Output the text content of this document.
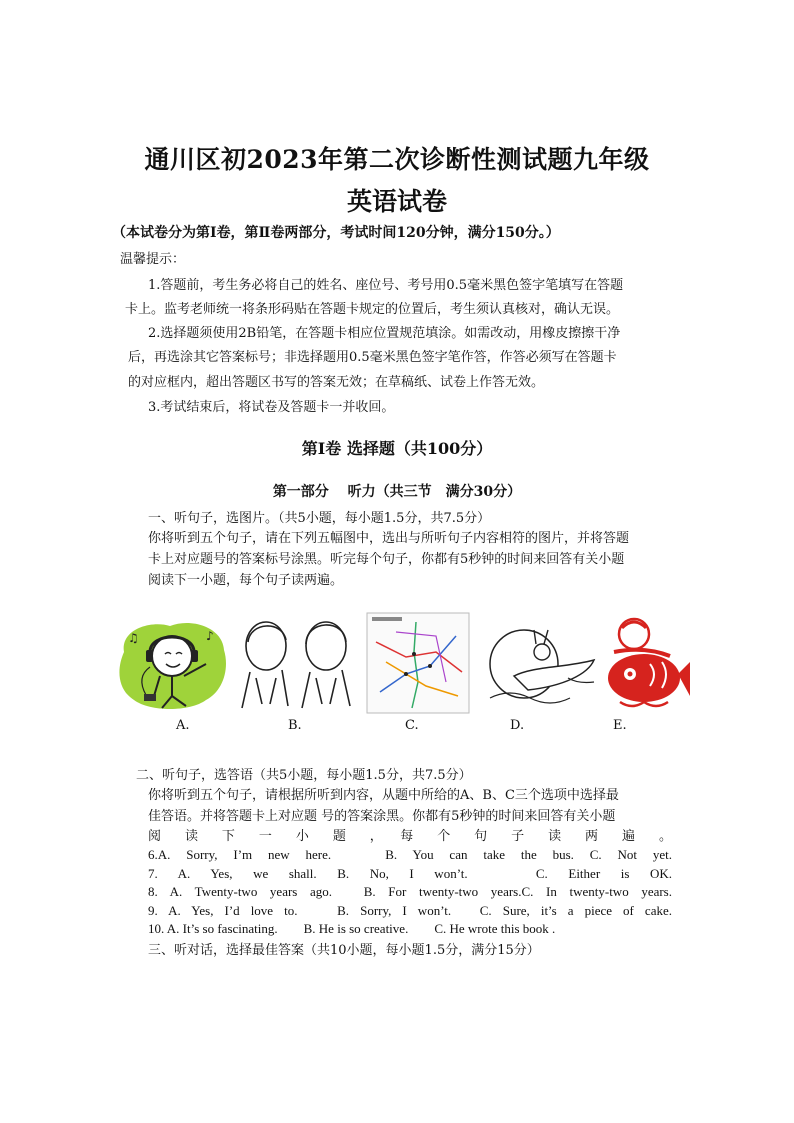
通川区初2023年第二次诊断性测试题九年级
英语试卷
（本试卷分为第Ⅰ卷，第Ⅱ卷两部分，考试时间120分钟，满分150分。）
温馨提示：
1.答题前，考生务必将自己的姓名、座位号、考号用0.5毫米黑色签字笔填写在答题
卡上。监考老师统一将条形码贴在答题卡规定的位置后，考生须认真核对，确认无误。
2.选择题须使用2B铅笔，在答题卡相应位置规范填涂。如需改动，用橡皮擦擦干净
后，再选涂其它答案标号；非选择题用0.5毫米黑色签字笔作答，作答必须写在答题卡
的对应框内，超出答题区书写的答案无效；在草稿纸、试卷上作答无效。
3.考试结束后，将试卷及答题卡一并收回。
第Ⅰ卷 选择题（共100分）
第一部分　 听力（共三节　满分30分）
一、听句子，选图片。（共5小题，每小题1.5分，共7.5分）
你将听到五个句子，请在下列五幅图中，选出与所听句子内容相符的图片，并将答题
卡上对应题号的答案标号涂黑。听完每个句子，你都有5秒钟的时间来回答有关小题
阅读下一小题，每个句子读两遍。
♪
♫
A.	B.	C.	D.	E.
二、听句子，选答语（共5小题，每小题1.5分，共7.5分）
你将听到五个句子，请根据所听到内容，从题中所给的A、B、C三个选项中选择最
佳答语。并将答题卡上对应题 号的答案涂黑。你都有5秒钟的时间来回答有关小题
阅　读　下　一　小　题　，　每　个　句　子　读　两　遍　。
6.A. Sorry, I’m new here.　 B. You can take the bus. C. Not yet.
7. A. Yes, we shall. B. No, I won’t.　 C. Either is OK.
8. A. Twenty-two years ago.　B. For twenty-two years.C. In twenty-two years.
9. A. Yes, I’d love to.　 B. Sorry, I won’t.　C. Sure, it’s a piece of cake.
10. A. It’s so fascinating.　　B. He is so creative.　　C. He wrote this book .
三、听对话，选择最佳答案（共10小题，每小题1.5分，满分15分）
